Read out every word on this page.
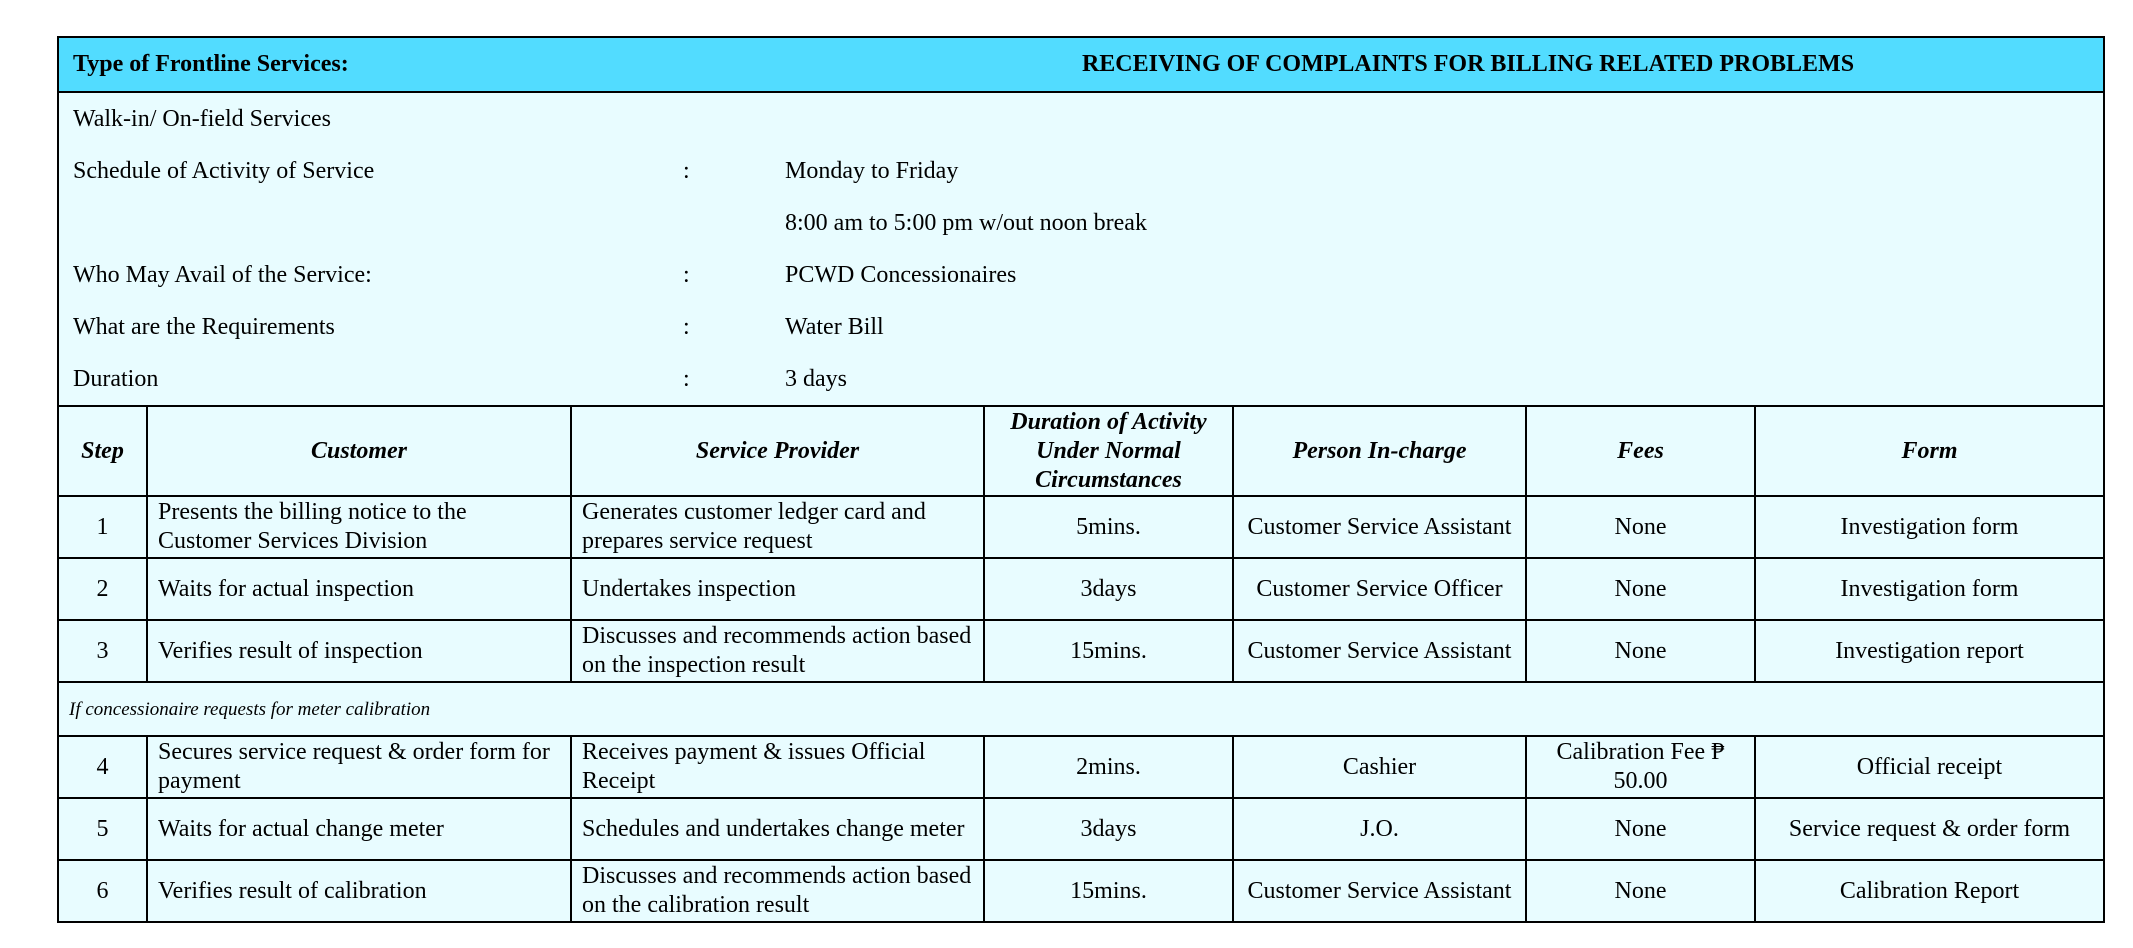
Type of Frontline Services:	RECEIVING OF COMPLAINTS FOR BILLING RELATED PROBLEMS
Walk-in/ On-field Services
Schedule of Activity of Service	:	Monday to Friday
8:00 am to 5:00 pm w/out noon break
Who May Avail of the Service:	:	PCWD Concessionaires
What are the Requirements	:	Water Bill
Duration	:	3 days
Step	Customer	Service Provider	Duration of Activity Under Normal Circumstances	Person In-charge	Fees	Form
1	Presents the billing notice to the Customer Services Division	Generates customer ledger card and prepares service request	5mins.	Customer Service Assistant	None	Investigation form
2	Waits for actual inspection	Undertakes inspection	3days	Customer Service Officer	None	Investigation form
3	Verifies result of inspection	Discusses and recommends action based on the inspection result	15mins.	Customer Service Assistant	None	Investigation report
If concessionaire requests for meter calibration						
4	Secures service request & order form for payment	Receives payment & issues Official Receipt	2mins.	Cashier	Calibration Fee ₱ 50.00	Official receipt
5	Waits for actual change meter	Schedules and undertakes change meter	3days	J.O.	None	Service request & order form
6	Verifies result of calibration	Discusses and recommends action based on the calibration result	15mins.	Customer Service Assistant	None	Calibration Report
